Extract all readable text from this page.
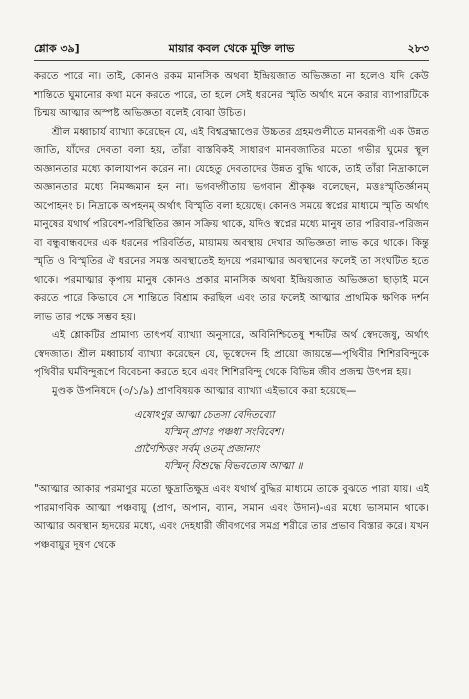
শ্লোক ৩৯]	মায়ার কবল থেকে মুক্তি লাভ	২৮৩

করতে পারে না। তাই, কোনও রকম মানসিক অথবা ইন্দ্রিয়জাত অভিজ্ঞতা না হলেও যদি কেউ শান্তিতে ঘুমানোর কথা মনে করতে পারে, তা হলে সেই ধরনের স্মৃতি অর্থাৎ মনে করার ব্যাপারটিকে চিন্ময় আত্মার অস্পষ্ট অভিজ্ঞতা বলেই বোঝা উচিত।

শ্রীল মধ্বাচার্য ব্যাখ্যা করেছেন যে, এই বিশ্বব্রহ্মাণ্ডের উচ্চতর গ্রহমণ্ডলীতে মানবরূপী এক উন্নত জাতি, যাঁদের দেবতা বলা হয়, তাঁরা বাস্তবিকই সাধারণ মানবজাতির মতো গভীর ঘুমের স্থূল অজ্ঞানতার মধ্যে কালাযাপন করেন না। যেহেতু দেবতাদের উন্নত বুদ্ধি থাকে, তাই তাঁরা নিদ্রাকালে অজ্ঞানতার মধ্যে নিমজ্জমান হন না। ভগবদ্গীতায় ভগবান শ্রীকৃষ্ণ বলেছেন, মত্তঃস্মৃতির্জ্ঞানম্ অপোহনং চ। নিদ্রাকে অপহনম্ অর্থাৎ বিস্মৃতি বলা হয়েছে। কোনও সময়ে স্বপ্নের মাধ্যমে স্মৃতি অর্থাৎ মানুষের যথার্থ পরিবেশ-পরিস্থিতির জ্ঞান সক্রিয় থাকে, যদিও স্বপ্নের মধ্যে মানুষ তার পরিবার-পরিজন বা বন্ধুবান্ধবদের এক ধরনের পরিবর্তিত, মায়াময় অবস্থায় দেখার অভিজ্ঞতা লাভ করে থাকে। কিন্তু স্মৃতি ও বিস্মৃতির ঐ ধরনের সমস্ত অবস্থাতেই হৃদয়ে পরমাত্মার অবস্থানের ফলেই তা সংঘটিত হতে থাকে। পরমাত্মার কৃপায় মানুষ কোনও প্রকার মানসিক অথবা ইন্দ্রিয়জাত অভিজ্ঞতা ছাড়াই মনে করতে পারে কিভাবে সে শান্তিতে বিশ্রাম করছিল এবং তার ফলেই আত্মার প্রাথমিক ক্ষণিক দর্শন লাভ তার পক্ষে সম্ভব হয়।

এই শ্লোকটির প্রামাণ্য তাৎপর্য ব্যাখ্যা অনুসারে, অবিনিশ্চিতেষু শব্দটির অর্থ স্বেদজেষু, অর্থাৎ স্বেদজাত। শ্রীল মধ্বাচার্য ব্যাখ্যা করেছেন যে, ভূস্বেদেন হি প্রায়ো জায়ন্তে—পৃথিবীর শিশিরবিন্দুকে পৃথিবীর ঘর্মবিন্দুরূপে বিবেচনা করতে হবে এবং শিশিরবিন্দু থেকে বিভিন্ন জীব প্রজন্ম উৎপন্ন হয়।

মুণ্ডক উপনিষদে (৩/১/৯) প্রাণবিষয়ক আত্মার ব্যাখ্যা এইভাবে করা হয়েছে—

এষোঽণুর আত্মা চেতসা বেদিতব্যো
যস্মিন্ প্রাণঃ পঞ্চধা সংবিবেশ।
প্রাণৈশ্চিত্তং সর্বম্ ওতম্ প্রজানাং
যস্মিন্ বিশুদ্ধে বিভবত্যেষ আত্মা ॥

"আত্মার আকার পরমাণুর মতো ক্ষুদ্রাতিক্ষুদ্র এবং যথার্থ বুদ্ধির মাধ্যমে তাকে বুঝতে পারা যায়। এই পারমাণবিক আত্মা পঞ্চবায়ু (প্রাণ, অপান, ব্যান, সমান এবং উদান)-এর মধ্যে ভাসমান থাকে। আত্মার অবস্থান হৃদয়ের মধ্যে, এবং দেহধারী জীবগণের সমগ্র শরীরে তার প্রভাব বিস্তার করে। যখন পঞ্চবায়ুর দূষণ থেকে
